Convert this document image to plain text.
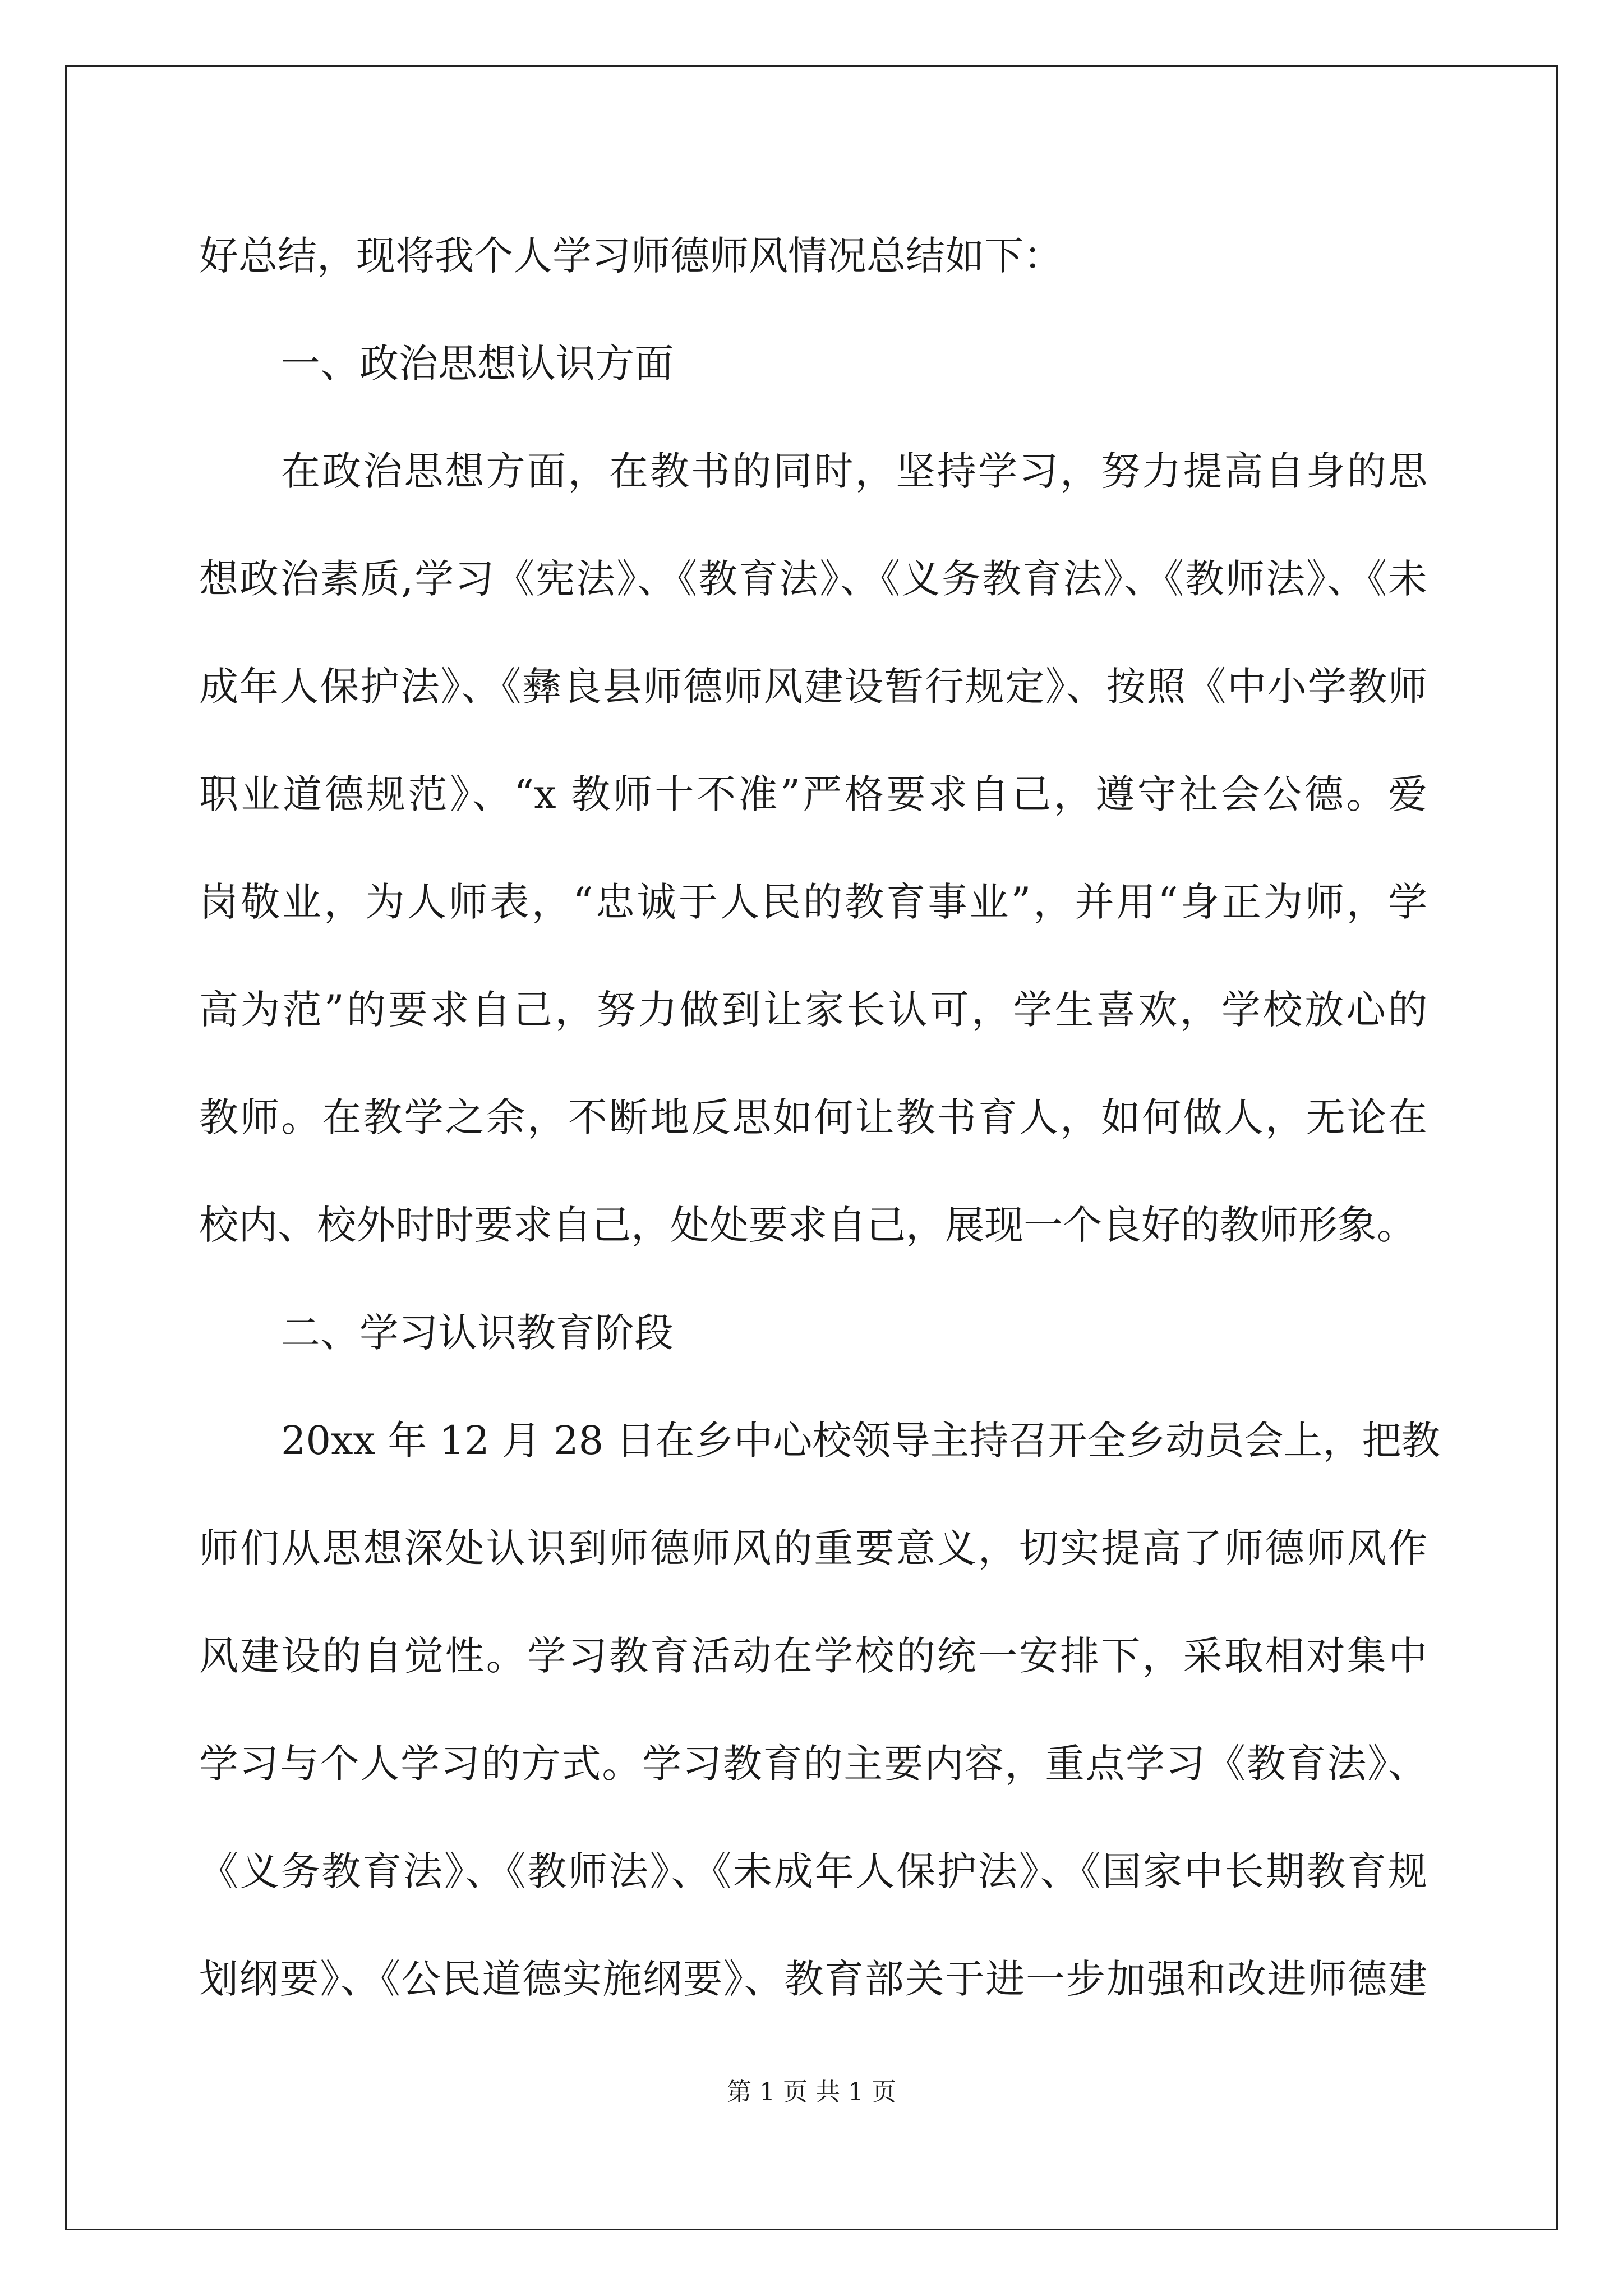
好总结，现将我个人学习师德师风情况总结如下：
一、政治思想认识方面
在政治思想方面，在教书的同时，坚持学习，努力提高自身的思
想政治素质,学习《宪法》、《教育法》、《义务教育法》、《教师法》、《未
成年人保护法》、《彝良县师德师风建设暂行规定》、按照《中小学教师
职业道德规范》、“x 教师十不准”严格要求自己，遵守社会公德。爱
岗敬业，为人师表，“忠诚于人民的教育事业”，并用“身正为师，学
高为范”的要求自己，努力做到让家长认可，学生喜欢，学校放心的
教师。在教学之余，不断地反思如何让教书育人，如何做人，无论在
校内、校外时时要求自己，处处要求自己，展现一个良好的教师形象。
二、学习认识教育阶段
20xx 年 12 月 28 日在乡中心校领导主持召开全乡动员会上，把教
师们从思想深处认识到师德师风的重要意义，切实提高了师德师风作
风建设的自觉性。学习教育活动在学校的统一安排下，采取相对集中
学习与个人学习的方式。学习教育的主要内容，重点学习《教育法》、
《义务教育法》、《教师法》、《未成年人保护法》、《国家中长期教育规
划纲要》、《公民道德实施纲要》、教育部关于进一步加强和改进师德建
第 1 页 共 1 页
